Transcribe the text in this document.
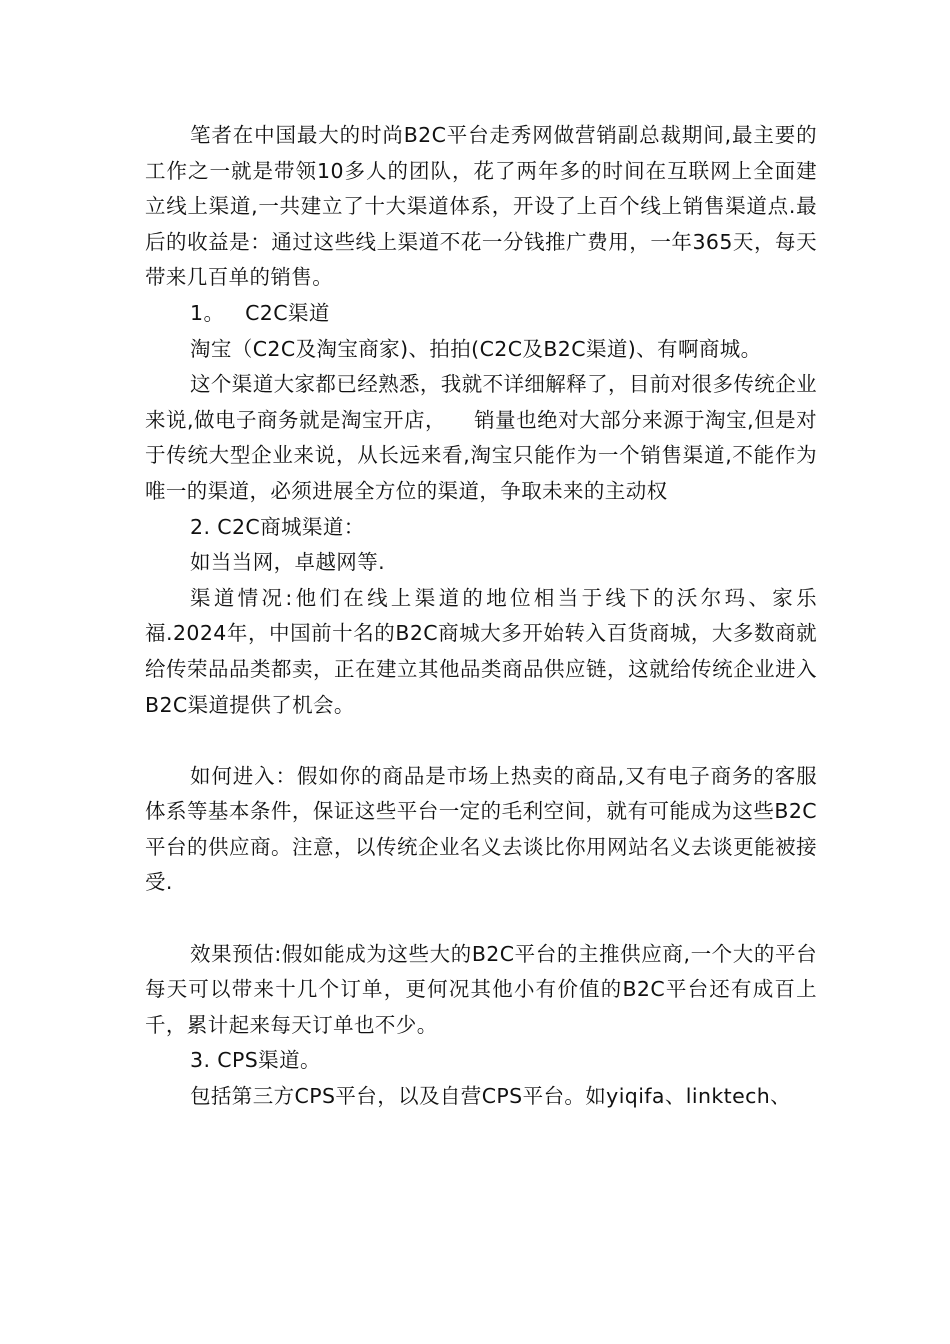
笔者在中国最大的时尚B2C平台走秀网做营销副总裁期间,最主要的工作之一就是带领10多人的团队，花了两年多的时间在互联网上全面建立线上渠道,一共建立了十大渠道体系，开设了上百个线上销售渠道点.最后的收益是：通过这些线上渠道不花一分钱推广费用，一年365天，每天带来几百单的销售。

1。   C2C渠道

淘宝（C2C及淘宝商家)、拍拍(C2C及B2C渠道)、有啊商城。

这个渠道大家都已经熟悉，我就不详细解释了，目前对很多传统企业来说,做电子商务就是淘宝开店，    销量也绝对大部分来源于淘宝,但是对于传统大型企业来说，从长远来看,淘宝只能作为一个销售渠道,不能作为唯一的渠道，必须进展全方位的渠道，争取未来的主动权

2. C2C商城渠道：

如当当网，卓越网等.

渠道情况:他们在线上渠道的地位相当于线下的沃尔玛、家乐福.2024年，中国前十名的B2C商城大多开始转入百货商城，大多数商就给传荣品品类都卖，正在建立其他品类商品供应链，这就给传统企业进入B2C渠道提供了机会。

如何进入：假如你的商品是市场上热卖的商品,又有电子商务的客服体系等基本条件，保证这些平台一定的毛利空间，就有可能成为这些B2C平台的供应商。注意，以传统企业名义去谈比你用网站名义去谈更能被接受.

效果预估:假如能成为这些大的B2C平台的主推供应商,一个大的平台每天可以带来十几个订单，更何况其他小有价值的B2C平台还有成百上千，累计起来每天订单也不少。

3. CPS渠道。

包括第三方CPS平台，以及自营CPS平台。如yiqifa、linktech、
